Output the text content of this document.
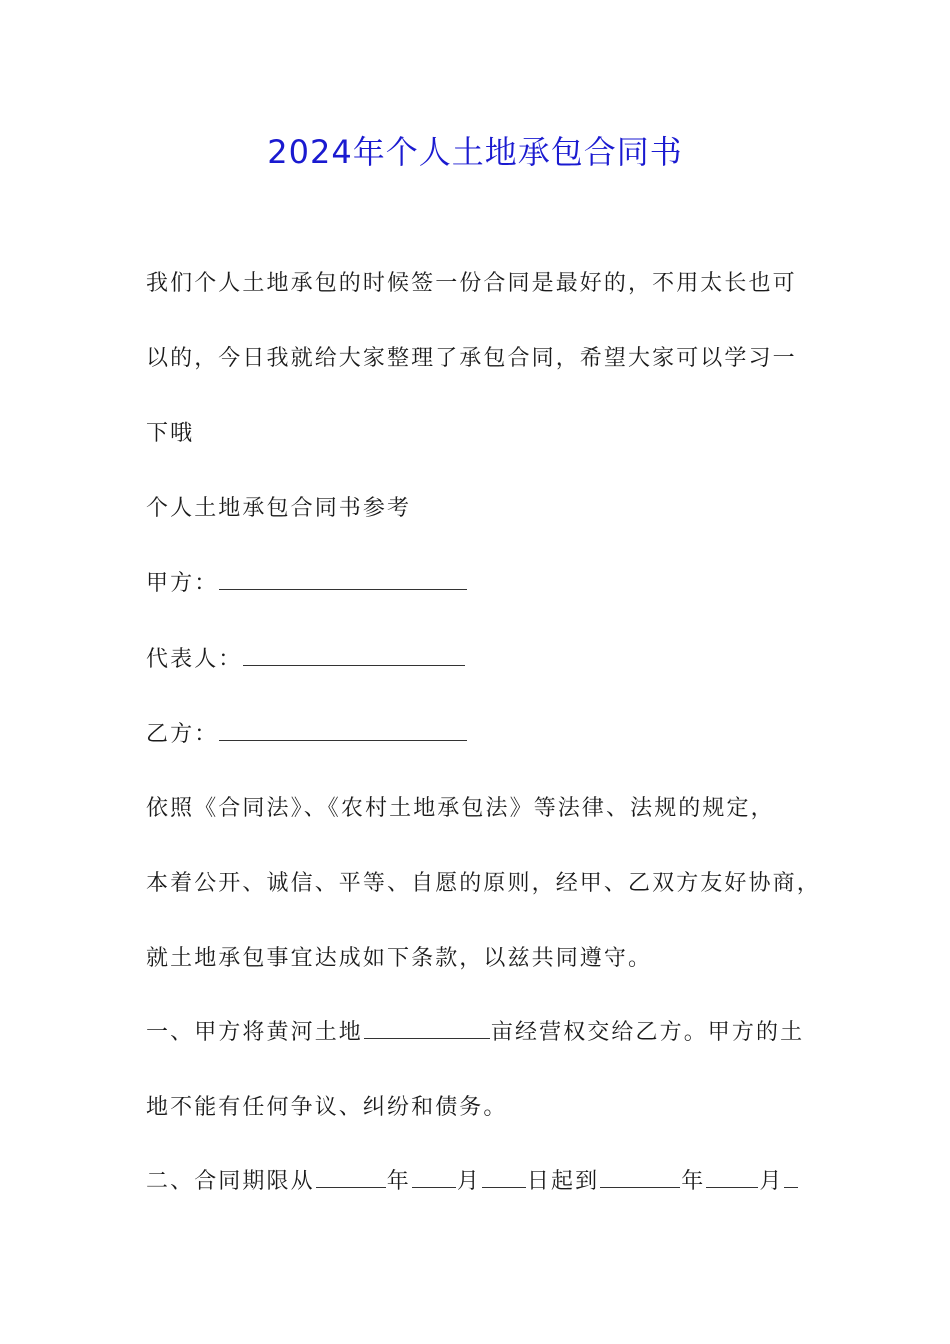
2024年个人土地承包合同书
我们个人土地承包的时候签一份合同是最好的，不用太长也可
以的，今日我就给大家整理了承包合同，希望大家可以学习一
下哦
个人土地承包合同书参考
甲方：
代表人：
乙方：
依照《合同法》、《农村土地承包法》等法律、法规的规定，
本着公开、诚信、平等、自愿的原则，经甲、乙双方友好协商，
就土地承包事宜达成如下条款，以兹共同遵守。
一、甲方将黄河土地	亩经营权交给乙方。甲方的土
地不能有任何争议、纠纷和债务。
二、合同期限从	年 月 日起到	年 月
